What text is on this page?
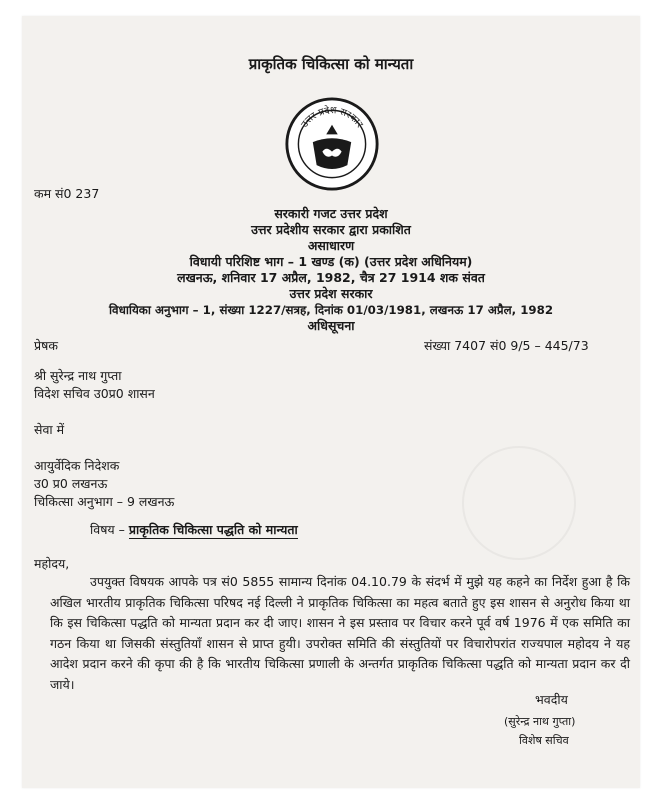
प्राकृतिक चिकित्सा को मान्यता
उत्तर प्रदेश सरकार
कम सं0 237
सरकारी गजट उत्तर प्रदेश
उत्तर प्रदेशीय सरकार द्वारा प्रकाशित
असाधारण
विधायी परिशिष्ट भाग – 1 खण्ड (क) (उत्तर प्रदेश अधिनियम)
लखनऊ, शनिवार 17 अप्रैल, 1982, चैत्र 27 1914 शक संवत
उत्तर प्रदेश सरकार
विधायिका अनुभाग – 1, संख्या 1227/सत्रह, दिनांक 01/03/1981, लखनऊ 17 अप्रैल, 1982
अधिसूचना
प्रेषक	संख्या 7407 सं0 9/5 – 445/73
श्री सुरेन्द्र नाथ गुप्ता
विदेश सचिव उ0प्र0 शासन
सेवा में
आयुर्वेदिक निदेशक
उ0 प्र0 लखनऊ
चिकित्सा अनुभाग – 9 लखनऊ
विषय – प्राकृतिक चिकित्सा पद्धति को मान्यता
महोदय,
उपयुक्त विषयक आपके पत्र सं0 5855 सामान्य दिनांक 04.10.79 के संदर्भ में मुझे यह कहने का निर्देश हुआ है कि अखिल भारतीय प्राकृतिक चिकित्सा परिषद नई दिल्ली ने प्राकृतिक चिकित्सा का महत्व बताते हुए इस शासन से अनुरोध किया था कि इस चिकित्सा पद्धति को मान्यता प्रदान कर दी जाए। शासन ने इस प्रस्ताव पर विचार करने पूर्व वर्ष 1976 में एक समिति का गठन किया था जिसकी संस्तुतियॉं शासन से प्राप्त हुयी। उपरोक्त समिति की संस्तुतियों पर विचारोपरांत राज्यपाल महोदय ने यह आदेश प्रदान करने की कृपा की है कि भारतीय चिकित्सा प्रणाली के अन्तर्गत प्राकृतिक चिकित्सा पद्धति को मान्यता प्रदान कर दी जाये।
भवदीय
(सुरेन्द्र नाथ गुप्ता)
विशेष सचिव
